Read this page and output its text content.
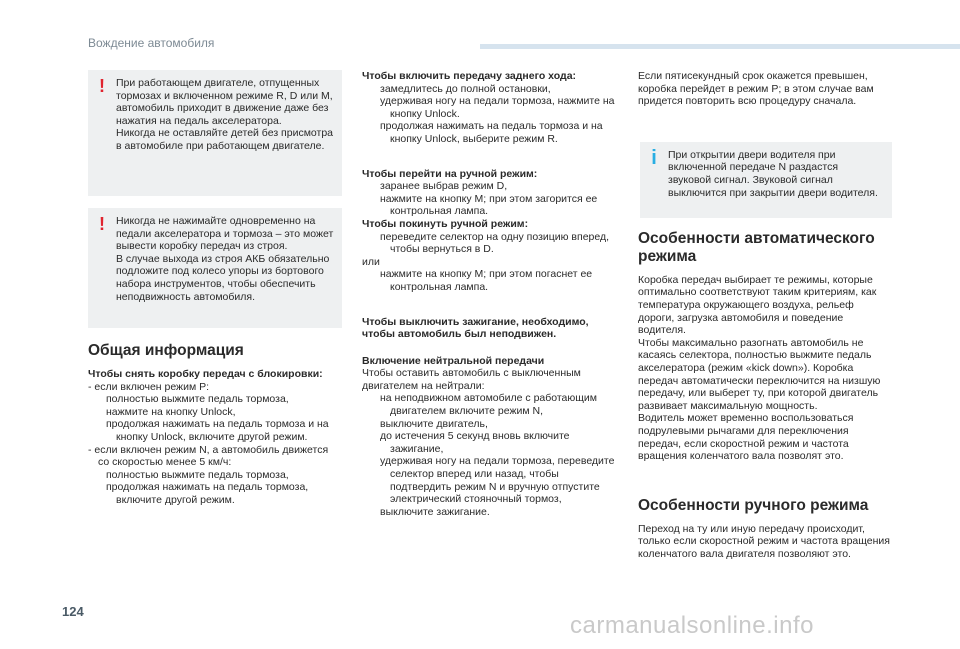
Вождение автомобиля
! При работающем двигателе, отпущенных тормозах и включенном режиме R, D или M, автомобиль приходит в движение даже без нажатия на педаль акселератора.

Никогда не оставляйте детей без присмотра в автомобиле при работающем двигателе.

! Никогда не нажимайте одновременно на педали акселератора и тормоза – это может вывести коробку передач из строя.

В случае выхода из строя АКБ обязательно подложите под колесо упоры из бортового набора инструментов, чтобы обеспечить неподвижность автомобиля.

Общая информация

Чтобы снять коробку передач с блокировки:

- если включен режим P:

полностью выжмите педаль тормоза,

нажмите на кнопку Unlock,

продолжая нажимать на педаль тормоза и на кнопку Unlock, включите другой режим.

- если включен режим N, а автомобиль движется со скоростью менее 5 км/ч:

полностью выжмите педаль тормоза,

продолжая нажимать на педаль тормоза, включите другой режим.

Чтобы включить передачу заднего хода:

замедлитесь до полной остановки,

удерживая ногу на педали тормоза, нажмите на кнопку Unlock.

продолжая нажимать на педаль тормоза и на кнопку Unlock, выберите режим R.

Чтобы перейти на ручной режим:

заранее выбрав режим D,

нажмите на кнопку M; при этом загорится ее контрольная лампа.

Чтобы покинуть ручной режим:

переведите селектор на одну позицию вперед, чтобы вернуться в D.

или

нажмите на кнопку M; при этом погаснет ее контрольная лампа.

Чтобы выключить зажигание, необходимо, чтобы автомобиль был неподвижен.

Включение нейтральной передачи

Чтобы оставить автомобиль с выключенным двигателем на нейтрали:

на неподвижном автомобиле с работающим двигателем включите режим N,

выключите двигатель,

до истечения 5 секунд вновь включите зажигание,

удерживая ногу на педали тормоза, переведите селектор вперед или назад, чтобы подтвердить режим N и вручную отпустите электрический стояночный тормоз,

выключите зажигание.

Если пятисекундный срок окажется превышен, коробка перейдет в режим P; в этом случае вам придется повторить всю процедуру сначала.

i	При открытии двери водителя при включенной передаче N раздастся звуковой сигнал. Звуковой сигнал выключится при закрытии двери водителя.

Особенности автоматического режима

Коробка передач выбирает те режимы, которые оптимально соответствуют таким критериям, как температура окружающего воздуха, рельеф дороги, загрузка автомобиля и поведение водителя.

Чтобы максимально разогнать автомобиль не касаясь селектора, полностью выжмите педаль акселератора (режим «kick down»). Коробка передач автоматически переключится на низшую передачу, или выберет ту, при которой двигатель развивает максимальную мощность.

Водитель может временно воспользоваться подрулевыми рычагами для переключения передач, если скоростной режим и частота вращения коленчатого вала позволят это.

Особенности ручного режима

Переход на ту или иную передачу происходит, только если скоростной режим и частота вращения коленчатого вала двигателя позволяют это.

124
carmanualsonline.info
